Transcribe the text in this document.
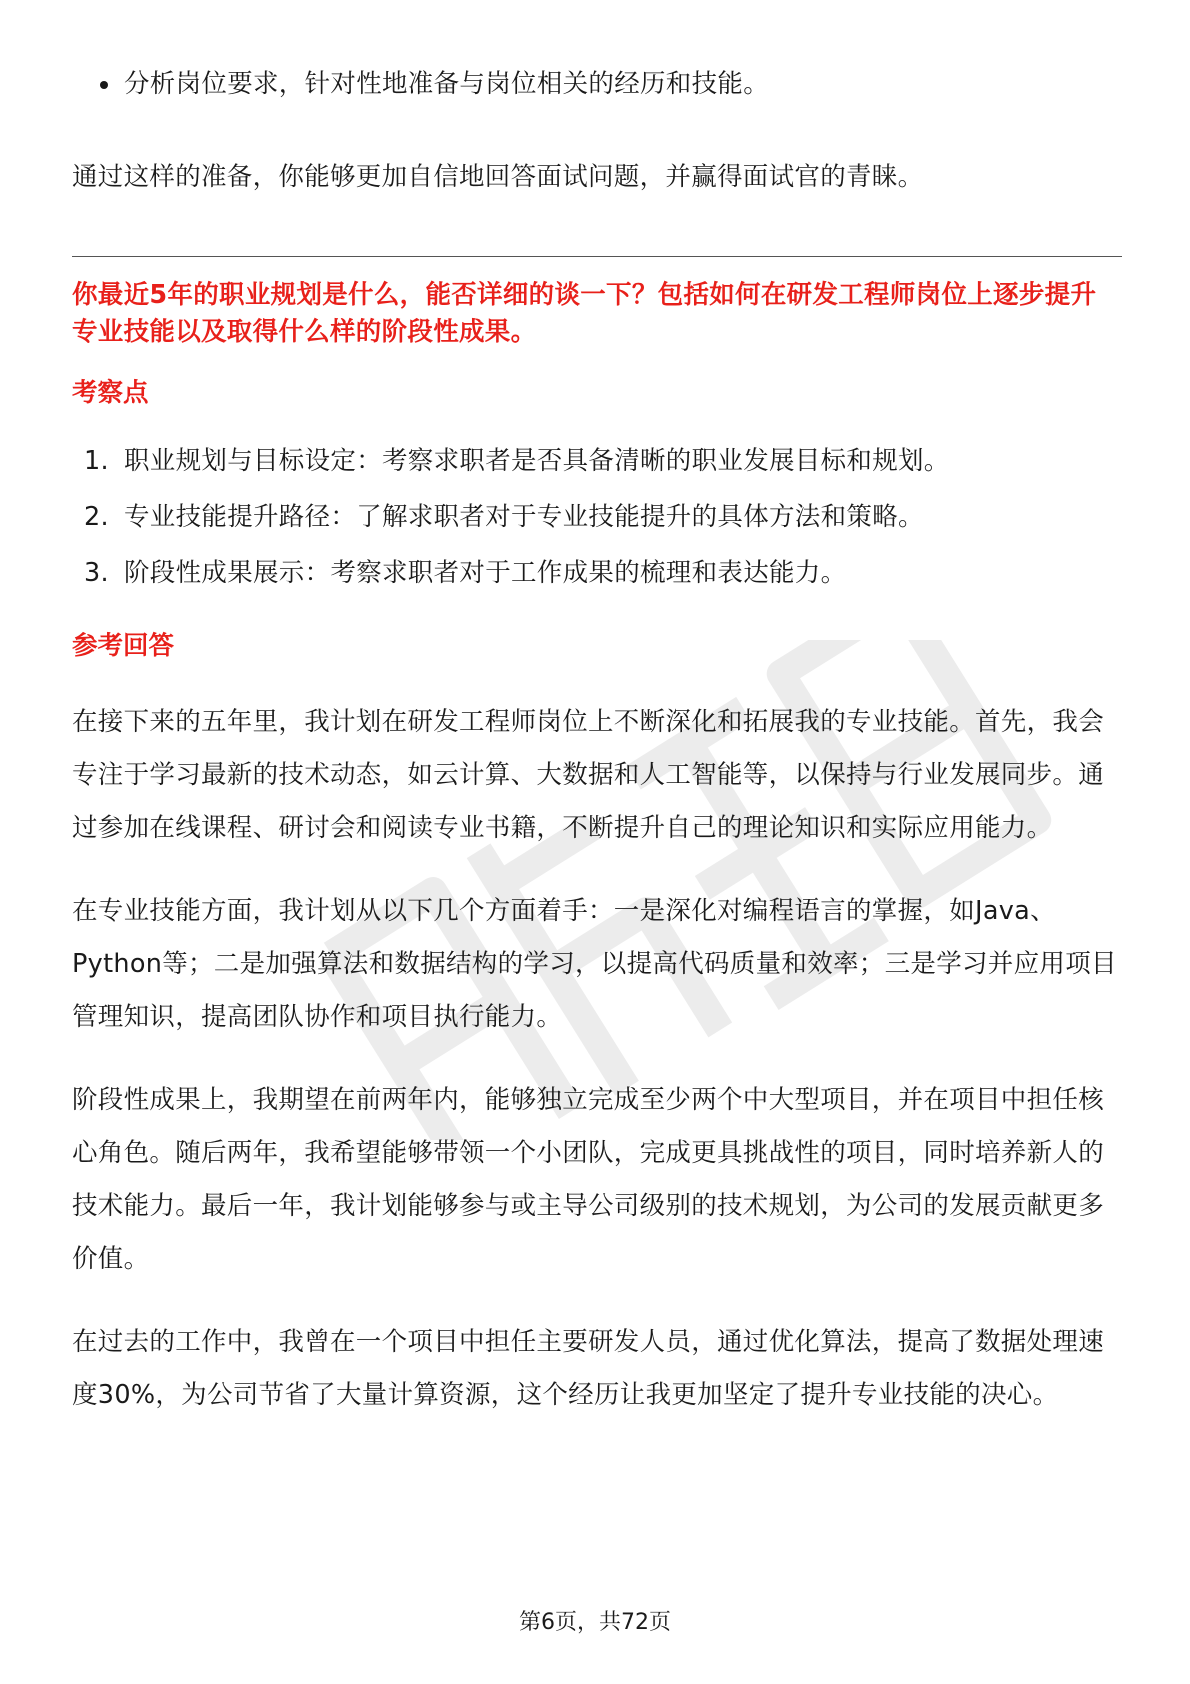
分析岗位要求，针对性地准备与岗位相关的经历和技能。

通过这样的准备，你能够更加自信地回答面试问题，并赢得面试官的青睐。

你最近5年的职业规划是什么，能否详细的谈一下？包括如何在研发工程师岗位上逐步提升专业技能以及取得什么样的阶段性成果。

考察点
1. 职业规划与目标设定：考察求职者是否具备清晰的职业发展目标和规划。
2. 专业技能提升路径：了解求职者对于专业技能提升的具体方法和策略。
3. 阶段性成果展示：考察求职者对于工作成果的梳理和表达能力。
参考回答

在接下来的五年里，我计划在研发工程师岗位上不断深化和拓展我的专业技能。首先，我会专注于学习最新的技术动态，如云计算、大数据和人工智能等，以保持与行业发展同步。通过参加在线课程、研讨会和阅读专业书籍，不断提升自己的理论知识和实际应用能力。

在专业技能方面，我计划从以下几个方面着手：一是深化对编程语言的掌握，如Java、Python等；二是加强算法和数据结构的学习，以提高代码质量和效率；三是学习并应用项目管理知识，提高团队协作和项目执行能力。

阶段性成果上，我期望在前两年内，能够独立完成至少两个中大型项目，并在项目中担任核心角色。随后两年，我希望能够带领一个小团队，完成更具挑战性的项目，同时培养新人的技术能力。最后一年，我计划能够参与或主导公司级别的技术规划，为公司的发展贡献更多价值。

在过去的工作中，我曾在一个项目中担任主要研发人员，通过优化算法，提高了数据处理速度30%，为公司节省了大量计算资源，这个经历让我更加坚定了提升专业技能的决心。

第6页，共72页
